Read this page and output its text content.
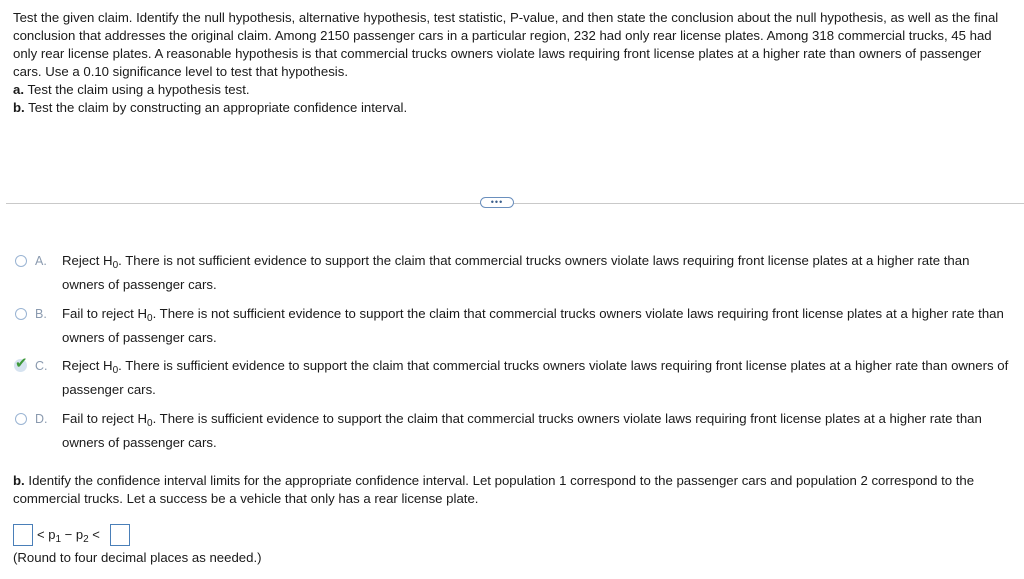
Test the given claim. Identify the null hypothesis, alternative hypothesis, test statistic, P-value, and then state the conclusion about the null hypothesis, as well as the final conclusion that addresses the original claim. Among 2150 passenger cars in a particular region, 232 had only rear license plates. Among 318 commercial trucks, 45 had only rear license plates. A reasonable hypothesis is that commercial trucks owners violate laws requiring front license plates at a higher rate than owners of passenger cars. Use a 0.10 significance level to test that hypothesis.
a. Test the claim using a hypothesis test.
b. Test the claim by constructing an appropriate confidence interval.
•••
A. Reject $H_0$. There is not sufficient evidence to support the claim that commercial trucks owners violate laws requiring front license plates at a higher rate than owners of passenger cars.
B. Fail to reject $H_0$. There is not sufficient evidence to support the claim that commercial trucks owners violate laws requiring front license plates at a higher rate than owners of passenger cars.
✔ C. Reject $H_0$. There is sufficient evidence to support the claim that commercial trucks owners violate laws requiring front license plates at a higher rate than owners of passenger cars.
D. Fail to reject $H_0$. There is sufficient evidence to support the claim that commercial trucks owners violate laws requiring front license plates at a higher rate than owners of passenger cars.
b. Identify the confidence interval limits for the appropriate confidence interval. Let population 1 correspond to the passenger cars and population 2 correspond to the commercial trucks. Let a success be a vehicle that only has a rear license plate.
< $p_1 - p_2$ <
(Round to four decimal places as needed.)
